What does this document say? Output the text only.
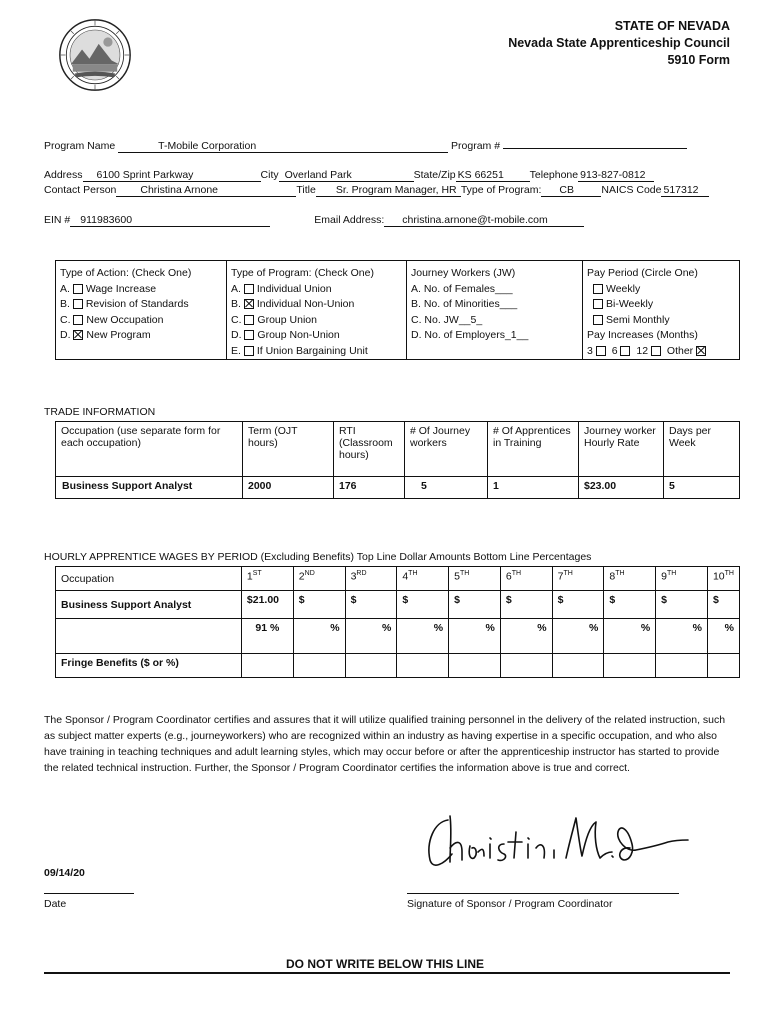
STATE OF NEVADA
Nevada State Apprenticeship Council
5910 Form
Program Name	T-Mobile Corporation	Program #
Address 6100 Sprint Parkway	City Overland Park	State/Zip KS 66251 Telephone 913-827-0812
Contact Person Christina Arnone	Title Sr. Program Manager, HR Type of Program: CB	NAICS Code 517312
EIN # 911983600	Email Address: christina.arnone@t-mobile.com
Type of Action: (Check One)
A. Wage Increase
B. Revision of Standards
C. New Occupation
D. New Program
Type of Program: (Check One)
A. Individual Union
B. Individual Non-Union
C. Group Union
D. Group Non-Union
E. If Union Bargaining Unit
Journey Workers (JW)
A. No. of Females___
B. No. of Minorities___
C. No. JW__5_
D. No. of Employers_1__
Pay Period (Circle One)
Weekly
Bi-Weekly
Semi Monthly
Pay Increases (Months)
3 6 12 Other
TRADE INFORMATION
Occupation (use separate form for each occupation)	Term (OJT hours)	RTI (Classroom hours)	# Of Journey workers	# Of Apprentices in Training	Journey worker Hourly Rate	Days per Week
Business Support Analyst	2000	176	5	1	$23.00	5
HOURLY APPRENTICE WAGES BY PERIOD (Excluding Benefits) Top Line Dollar Amounts Bottom Line Percentages
Occupation	1ST	2ND	3RD	4TH	5TH	6TH	7TH	8TH	9TH	10TH
Business Support Analyst	$21.00	$	$	$	$	$	$	$	$	$
	91 %	%	%	%	%	%	%	%	%	%
Fringe Benefits ($ or %)										
The Sponsor / Program Coordinator certifies and assures that it will utilize qualified training personnel in the delivery of the related instruction, such as subject matter experts (e.g., journeyworkers) who are recognized within an industry as having expertise in a specific occupation, and who also have training in teaching techniques and adult learning styles, which may occur before or after the apprenticeship instructor has started to provide the related technical instruction. Further, the Sponsor / Program Coordinator certifies the information above is true and correct.
09/14/20
Date	Signature of Sponsor / Program Coordinator
DO NOT WRITE BELOW THIS LINE
